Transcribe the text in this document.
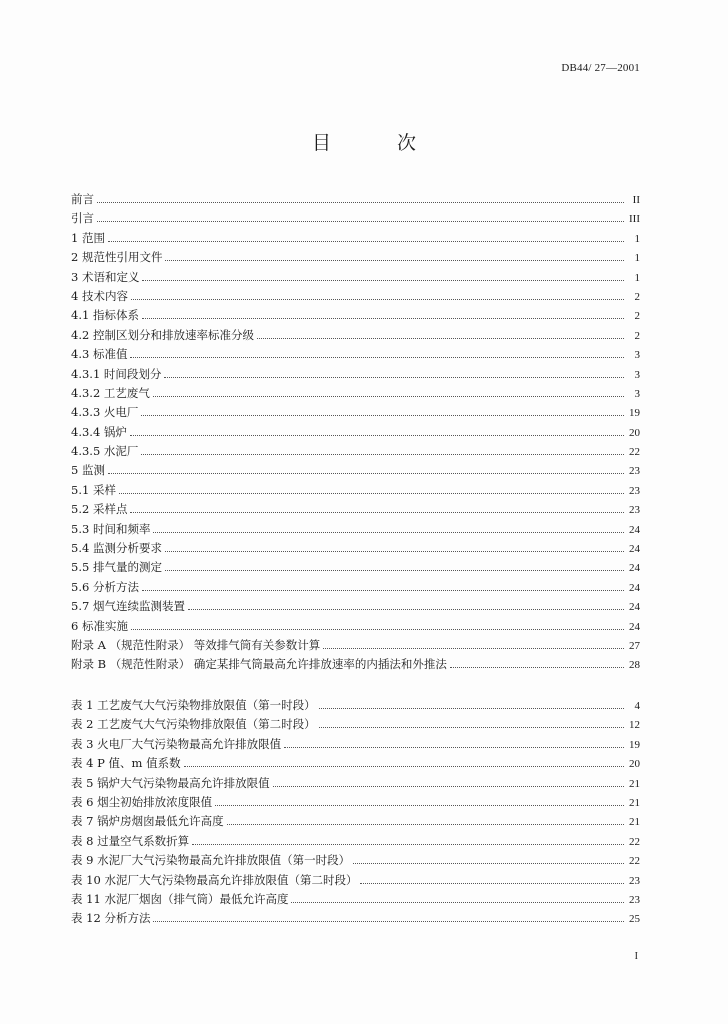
DB44/ 27—2001
目 次
前言	II
引言	III
1 范围	1
2 规范性引用文件	1
3 术语和定义	1
4 技术内容	2
4.1 指标体系	2
4.2 控制区划分和排放速率标准分级	2
4.3 标准值	3
4.3.1 时间段划分	3
4.3.2 工艺废气	3
4.3.3 火电厂	19
4.3.4 锅炉	20
4.3.5 水泥厂	22
5 监测	23
5.1 采样	23
5.2 采样点	23
5.3 时间和频率	24
5.4 监测分析要求	24
5.5 排气量的测定	24
5.6 分析方法	24
5.7 烟气连续监测装置	24
6 标准实施	24
附录 A （规范性附录） 等效排气筒有关参数计算	27
附录 B （规范性附录） 确定某排气筒最高允许排放速率的内插法和外推法	28
表 1 工艺废气大气污染物排放限值（第一时段）	4
表 2 工艺废气大气污染物排放限值（第二时段）	12
表 3 火电厂大气污染物最高允许排放限值	19
表 4 P 值、m 值系数	20
表 5 锅炉大气污染物最高允许排放限值	21
表 6 烟尘初始排放浓度限值	21
表 7 锅炉房烟囱最低允许高度	21
表 8 过量空气系数折算	22
表 9 水泥厂大气污染物最高允许排放限值（第一时段）	22
表 10 水泥厂大气污染物最高允许排放限值（第二时段）	23
表 11 水泥厂烟囱（排气筒）最低允许高度	23
表 12 分析方法	25
I
